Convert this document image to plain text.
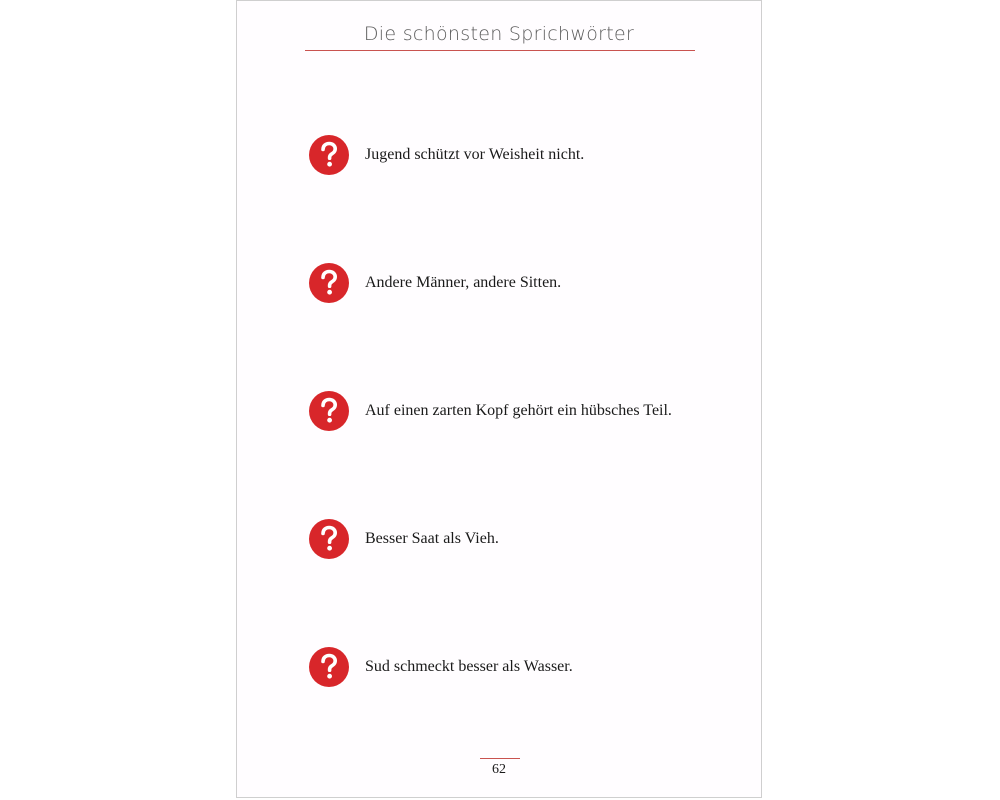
Die schönsten Sprichwörter
Jugend schützt vor Weisheit nicht.
Andere Männer, andere Sitten.
Auf einen zarten Kopf gehört ein hübsches Teil.
Besser Saat als Vieh.
Sud schmeckt besser als Wasser.
62
